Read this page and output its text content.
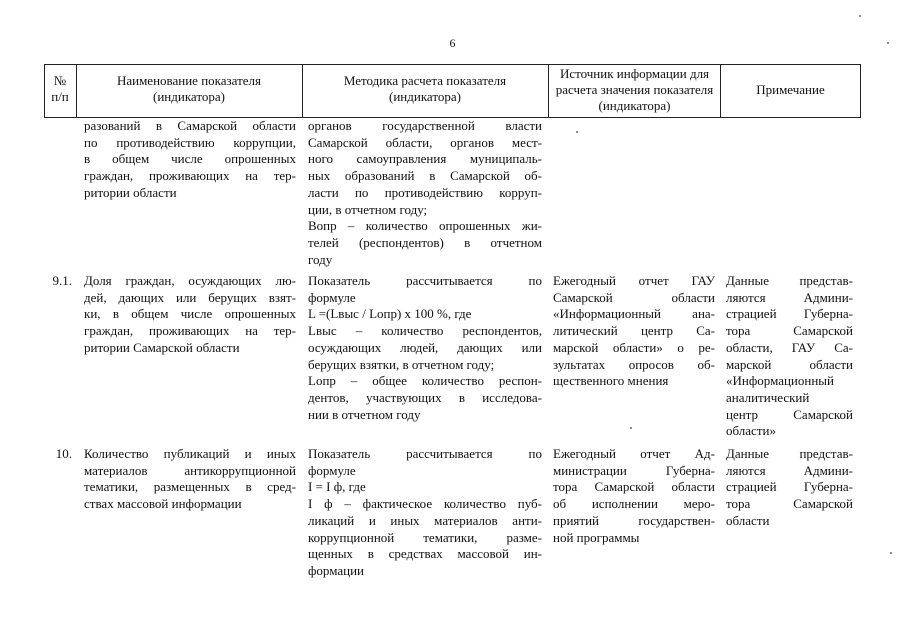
6
№ п/п
Наименование показателя (индикатора)
Методика расчета показателя (индикатора)
Источник информации для расчета значения показателя (индикатора)
Примечание
разований в Самарской области
по противодействию коррупции,
в общем числе опрошенных
граждан, проживающих на тер-
ритории области
органов государственной власти
Самарской области, органов мест-
ного самоуправления муниципаль-
ных образований в Самарской об-
ласти по противодействию корруп-
ции, в отчетном году;
Bопр – количество опрошенных жи-
телей (респондентов) в отчетном
году
9.1. Доля граждан, осуждающих лю-
дей, дающих или берущих взят-
ки, в общем числе опрошенных
граждан, проживающих на тер-
ритории Самарской области
Показатель рассчитывается по
формуле
L =(Lвыс / Lопр) x 100 %, где
Lвыс – количество респондентов,
осуждающих людей, дающих или
берущих взятки, в отчетном году;
Lопр – общее количество респон-
дентов, участвующих в исследова-
нии в отчетном году
Ежегодный отчет ГАУ
Самарской области
«Информационный ана-
литический центр Са-
марской области» о ре-
зультатах опросов об-
щественного мнения
Данные представ-
ляются Админи-
страцией Губерна-
тора Самарской
области, ГАУ Са-
марской области
«Информационный
аналитический
центр Самарской
области»
10. Количество публикаций и иных
материалов антикоррупционной
тематики, размещенных в сред-
ствах массовой информации
Показатель рассчитывается по
формуле
I = I ф, где
I ф – фактическое количество пуб-
ликаций и иных материалов анти-
коррупционной тематики, разме-
щенных в средствах массовой ин-
формации
Ежегодный отчет Ад-
министрации Губерна-
тора Самарской области
об исполнении меро-
приятий государствен-
ной программы
Данные представ-
ляются Админи-
страцией Губерна-
тора Самарской
области
